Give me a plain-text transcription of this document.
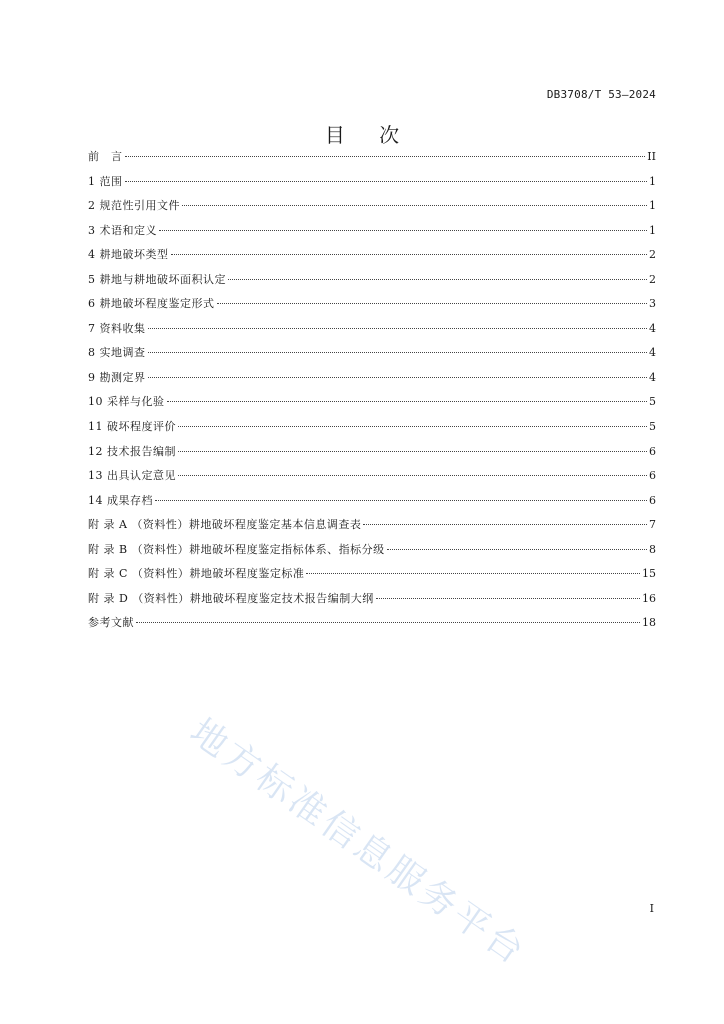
DB3708/T 53—2024
目 次
前　言	II
1 范围	1
2 规范性引用文件	1
3 术语和定义	1
4 耕地破坏类型	2
5 耕地与耕地破坏面积认定	2
6 耕地破坏程度鉴定形式	3
7 资料收集	4
8 实地调查	4
9 勘测定界	4
10 采样与化验	5
11 破坏程度评价	5
12 技术报告编制	6
13 出具认定意见	6
14 成果存档	6
附 录 A （资料性）耕地破坏程度鉴定基本信息调查表	7
附 录 B （资料性）耕地破坏程度鉴定指标体系、指标分级	8
附 录 C （资料性）耕地破坏程度鉴定标准	15
附 录 D （资料性）耕地破坏程度鉴定技术报告编制大纲	16
参考文献	18
地方标准信息服务平台	I
